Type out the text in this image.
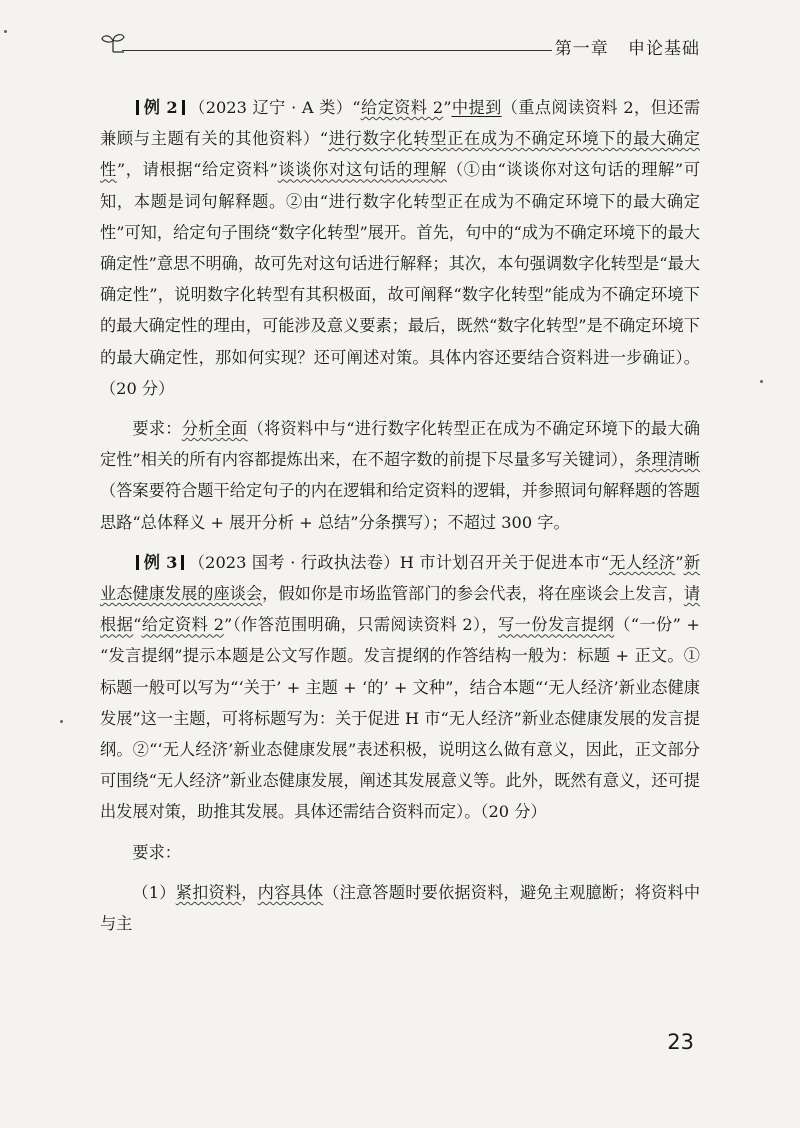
第一章 申论基础

例 2 （2023 辽宁 · A 类）“给定资料 2”中提到（重点阅读资料 2，但还需兼顾与主题有关的其他资料）“进行数字化转型正在成为不确定环境下的最大确定性”，请根据“给定资料”谈谈你对这句话的理解（①由“谈谈你对这句话的理解”可知，本题是词句解释题。②由“进行数字化转型正在成为不确定环境下的最大确定性”可知，给定句子围绕“数字化转型”展开。首先，句中的“成为不确定环境下的最大确定性”意思不明确，故可先对这句话进行解释；其次，本句强调数字化转型是“最大确定性”，说明数字化转型有其积极面，故可阐释“数字化转型”能成为不确定环境下的最大确定性的理由，可能涉及意义要素；最后，既然“数字化转型”是不确定环境下的最大确定性，那如何实现？还可阐述对策。具体内容还要结合资料进一步确证）。（20 分）

要求：分析全面（将资料中与“进行数字化转型正在成为不确定环境下的最大确定性”相关的所有内容都提炼出来，在不超字数的前提下尽量多写关键词），条理清晰（答案要符合题干给定句子的内在逻辑和给定资料的逻辑，并参照词句解释题的答题思路“总体释义 + 展开分析 + 总结”分条撰写）；不超过 300 字。

例 3 （2023 国考 · 行政执法卷）H 市计划召开关于促进本市“无人经济”新业态健康发展的座谈会，假如你是市场监管部门的参会代表，将在座谈会上发言，请根据“给定资料 2”（作答范围明确，只需阅读资料 2），写一份发言提纲（“一份” + “发言提纲”提示本题是公文写作题。发言提纲的作答结构一般为：标题 + 正文。①标题一般可以写为“‘关于’ + 主题 + ‘的’ + 文种”，结合本题“‘无人经济’新业态健康发展”这一主题，可将标题写为：关于促进 H 市“无人经济”新业态健康发展的发言提纲。②“‘无人经济’新业态健康发展”表述积极，说明这么做有意义，因此，正文部分可围绕“无人经济”新业态健康发展，阐述其发展意义等。此外，既然有意义，还可提出发展对策，助推其发展。具体还需结合资料而定）。（20 分）

要求：

（1）紧扣资料，内容具体（注意答题时要依据资料，避免主观臆断；将资料中与主

23
